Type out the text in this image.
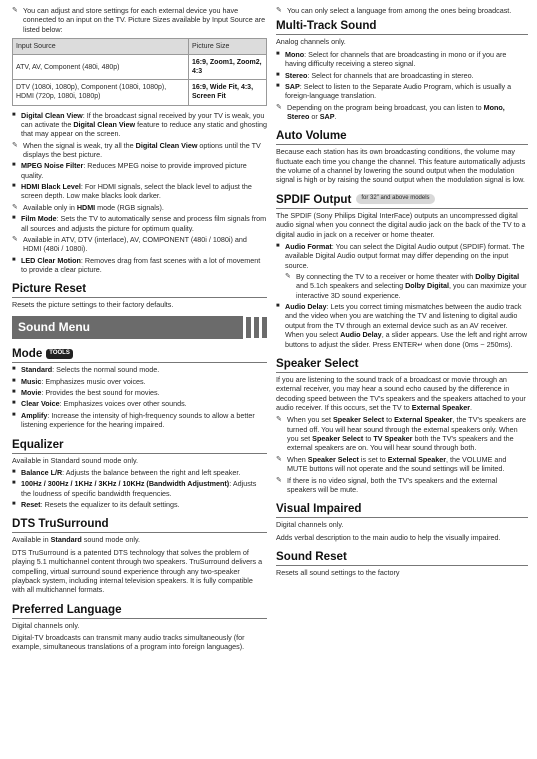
✎ You can adjust and store settings for each external device you have connected to an input on the TV. Picture Sizes available by Input Source are listed below:
Input Source	Picture Size
ATV, AV, Component (480i, 480p)	16:9, Zoom1, Zoom2, 4:3
DTV (1080i, 1080p), Component (1080i, 1080p), HDMI (720p, 1080i, 1080p)	16:9, Wide Fit, 4:3, Screen Fit
■ Digital Clean View: If the broadcast signal received by your TV is weak, you can activate the Digital Clean View feature to reduce any static and ghosting that may appear on the screen.
✎ When the signal is weak, try all the Digital Clean View options until the TV displays the best picture.
■ MPEG Noise Filter: Reduces MPEG noise to provide improved picture quality.
■ HDMI Black Level: For HDMI signals, select the black level to adjust the screen depth. Low make blacks look darker.
✎ Available only in HDMI mode (RGB signals).
■ Film Mode: Sets the TV to automatically sense and process film signals from all sources and adjusts the picture for optimum quality.
✎ Available in ATV, DTV (interlace), AV, COMPONENT (480i / 1080i) and HDMI (480i / 1080i).
■ LED Clear Motion: Removes drag from fast scenes with a lot of movement to provide a clear picture.
Picture Reset

Resets the picture settings to their factory defaults.

Sound Menu
Mode	TOOLS
■ Standard: Selects the normal sound mode.
■ Music: Emphasizes music over voices.
■ Movie: Provides the best sound for movies.
■ Clear Voice: Emphasizes voices over other sounds.
■ Amplify: Increase the intensity of high-frequency sounds to allow a better listening experience for the hearing impaired.
Equalizer

Available in Standard sound mode only.

■ Balance L/R: Adjusts the balance between the right and left speaker.
■ 100Hz / 300Hz / 1KHz / 3KHz / 10KHz (Bandwidth Adjustment): Adjusts the loudness of specific bandwidth frequencies.
■ Reset: Resets the equalizer to its default settings.
DTS TruSurround

Available in Standard sound mode only.

DTS TruSurround is a patented DTS technology that solves the problem of playing 5.1 multichannel content through two speakers. TruSurround delivers a compelling, virtual surround sound experience through any two-speaker playback system, including internal television speakers. It is fully compatible with all multichannel formats.

Preferred Language

Digital channels only.

Digital-TV broadcasts can transmit many audio tracks simultaneously (for example, simultaneous translations of a program into foreign languages).

✎ You can only select a language from among the ones being broadcast.
Multi-Track Sound

Analog channels only.

■ Mono: Select for channels that are broadcasting in mono or if you are having difficulty receiving a stereo signal.
■ Stereo: Select for channels that are broadcasting in stereo.
■ SAP: Select to listen to the Separate Audio Program, which is usually a foreign-language translation.
✎ Depending on the program being broadcast, you can listen to Mono, Stereo or SAP.
Auto Volume

Because each station has its own broadcasting conditions, the volume may fluctuate each time you change the channel. This feature automatically adjusts the volume of a channel by lowering the sound output when the modulation signal is high or by raising the sound output when the modulation signal is low.

SPDIF Output	for 32" and above models

The SPDIF (Sony Philips Digital InterFace) outputs an uncompressed digital audio signal when you connect the digital audio jack on the back of the TV to a digital audio in jack on a receiver or home theater.

■ Audio Format: You can select the Digital Audio output (SPDIF) format. The available Digital Audio output format may differ depending on the input source.
✎ By connecting the TV to a receiver or home theater with Dolby Digital and 5.1ch speakers and selecting Dolby Digital, you can maximize your interactive 3D sound experience.
■ Audio Delay: Lets you correct timing mismatches between the audio track and the video when you are watching the TV and listening to digital audio output from the TV through an external device such as an AV receiver. When you select Audio Delay, a slider appears. Use the left and right arrow buttons to adjust the slider. Press ENTER↵ when done (0ms ~ 250ms).
Speaker Select

If you are listening to the sound track of a broadcast or movie through an external receiver, you may hear a sound echo caused by the difference in decoding speed between the TV's speakers and the speakers attached to your audio receiver. If this occurs, set the TV to External Speaker.

✎ When you set Speaker Select to External Speaker, the TV's speakers are turned off. You will hear sound through the external speakers only. When you set Speaker Select to TV Speaker both the TV's speakers and the external speakers are on. You will hear sound through both.
✎ When Speaker Select is set to External Speaker, the VOLUME and MUTE buttons will not operate and the sound settings will be limited.
✎ If there is no video signal, both the TV's speakers and the external speakers will be mute.
Visual Impaired

Digital channels only.

Adds verbal description to the main audio to help the visually impaired.

Sound Reset

Resets all sound settings to the factory
